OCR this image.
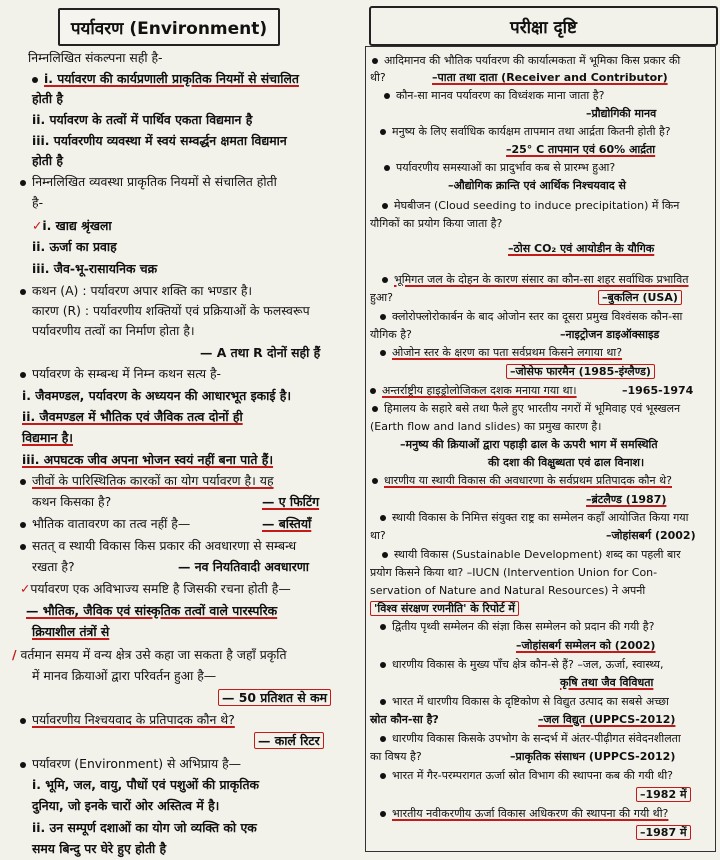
पर्यावरण (Environment)
निम्नलिखित संकल्पना सही है-
i. पर्यावरण की कार्यप्रणाली प्राकृतिक नियमों से संचालित
होती है
ii. पर्यावरण के तत्वों में पार्थिव एकता विद्यमान है
iii. पर्यावरणीय व्यवस्था में स्वयं सम्वर्द्धन क्षमता विद्यमान
होती है
निम्नलिखित व्यवस्था प्राकृतिक नियमों से संचालित होती
है-
✓i. खाद्य श्रृंखला
ii. ऊर्जा का प्रवाह
iii. जैव-भू-रासायनिक चक्र
कथन (A) : पर्यावरण अपार शक्ति का भण्डार है।
कारण (R) : पर्यावरणीय शक्तियों एवं प्रक्रियाओं के फलस्वरूप
पर्यावरणीय तत्वों का निर्माण होता है।
— A तथा R दोनों सही हैं
पर्यावरण के सम्बन्ध में निम्न कथन सत्य है-
i. जैवमण्डल, पर्यावरण के अध्ययन की आधारभूत इकाई है।
ii. जैवमण्डल में भौतिक एवं जैविक तत्व दोनों ही
विद्यमान है।
iii. अपघटक जीव अपना भोजन स्वयं नहीं बना पाते हैं।
जीवों के पारिस्थितिक कारकों का योग पर्यावरण है। यह
कथन किसका है?	— ए फिटिंग
भौतिक वातावरण का तत्व नहीं है—	— बस्तियाँ
सतत् व स्थायी विकास किस प्रकार की अवधारणा से सम्बन्ध
रखता है?	— नव नियतिवादी अवधारणा
✓पर्यावरण एक अविभाज्य समष्टि है जिसकी रचना होती है—
— भौतिक, जैविक एवं सांस्कृतिक तत्वों वाले पारस्परिक
क्रियाशील तंत्रों से
/ वर्तमान समय में वन्य क्षेत्र उसे कहा जा सकता है जहाँ प्रकृति
में मानव क्रियाओं द्वारा परिवर्तन हुआ है—
— 50 प्रतिशत से कम
पर्यावरणीय निश्चयवाद के प्रतिपादक कौन थे?
— कार्ल रिटर
पर्यावरण (Environment) से अभिप्राय है—
i. भूमि, जल, वायु, पौधों एवं पशुओं की प्राकृतिक
दुनिया, जो इनके चारों ओर अस्तित्व में है।
ii. उन सम्पूर्ण दशाओं का योग जो व्यक्ति को एक
समय बिन्दु पर घेरे हुए होती है
परीक्षा दृष्टि
आदिमानव की भौतिक पर्यावरण की कार्यात्मकता में भूमिका किस प्रकार की
थी?	–पाता तथा दाता (Receiver and Contributor)
कौन-सा मानव पर्यावरण का विध्वंशक माना जाता है?
–प्रौद्योगिकी मानव
मनुष्य के लिए सर्वाधिक कार्यक्षम तापमान तथा आर्द्रता कितनी होती है?
–25° C तापमान एवं 60% आर्द्रता
पर्यावरणीय समस्याओं का प्रादुर्भाव कब से प्रारम्भ हुआ?
–औद्योगिक क्रान्ति एवं आर्थिक निश्चयवाद से
मेघबीजन (Cloud seeding to induce precipitation) में किन
यौगिकों का प्रयोग किया जाता है?
–ठोस CO₂ एवं आयोडीन के यौगिक
भूमिगत जल के दोहन के कारण संसार का कौन-सा शहर सर्वाधिक प्रभावित
हुआ?	–बुकलिन (USA)
क्लोरोफ्लोरोकार्बन के बाद ओजोन स्तर का दूसरा प्रमुख विश्वंसक कौन-सा
यौगिक है?	–नाइट्रोजन डाइऑक्साइड
ओजोन स्तर के क्षरण का पता सर्वप्रथम किसने लगाया था?
–जोसेफ फारमैन (1985-इंग्लैण्ड)
अन्तर्राष्ट्रीय हाइड्रोलोजिकल दशक मनाया गया था।	–1965-1974
हिमालय के सहारे बसे तथा फैले हुए भारतीय नगरों में भूमिवाह एवं भूस्खलन
(Earth flow and land slides) का प्रमुख कारण है।
–मनुष्य की क्रियाओं द्वारा पहाड़ी ढाल के ऊपरी भाग में समस्थिति
की दशा की विक्षुब्धता एवं ढाल विनाश।
धारणीय या स्थायी विकास की अवधारणा के सर्वप्रथम प्रतिपादक कौन थे?
–ब्रंटलैण्ड (1987)
स्थायी विकास के निमित्त संयुक्त राष्ट्र का सम्मेलन कहाँ आयोजित किया गया
था?	–जोहांसबर्ग (2002)
स्थायी विकास (Sustainable Development) शब्द का पहली बार
प्रयोग किसने किया था? –IUCN (Intervention Union for Con-
servation of Nature and Natural Resources) ने अपनी
'विश्व संरक्षण रणनीति' के रिपोर्ट में
द्वितीय पृथ्वी सम्मेलन की संज्ञा किस सम्मेलन को प्रदान की गयी है?
–जोहांसबर्ग सम्मेलन को (2002)
धारणीय विकास के मुख्य पाँच क्षेत्र कौन-से हैं? –जल, ऊर्जा, स्वास्थ्य,
कृषि तथा जैव विविधता
भारत में धारणीय विकास के दृष्टिकोण से विद्युत उत्पाद का सबसे अच्छा
स्रोत कौन-सा है?	–जल विद्युत (UPPCS-2012)
धारणीय विकास किसके उपभोग के सन्दर्भ में अंतर-पीढ़ीगत संवेदनशीलता
का विषय है?	–प्राकृतिक संसाधन (UPPCS-2012)
भारत में गैर-परम्परागत ऊर्जा स्रोत विभाग की स्थापना कब की गयी थी?
–1982 में
भारतीय नवीकरणीय ऊर्जा विकास अधिकरण की स्थापना की गयी थी?
–1987 में
